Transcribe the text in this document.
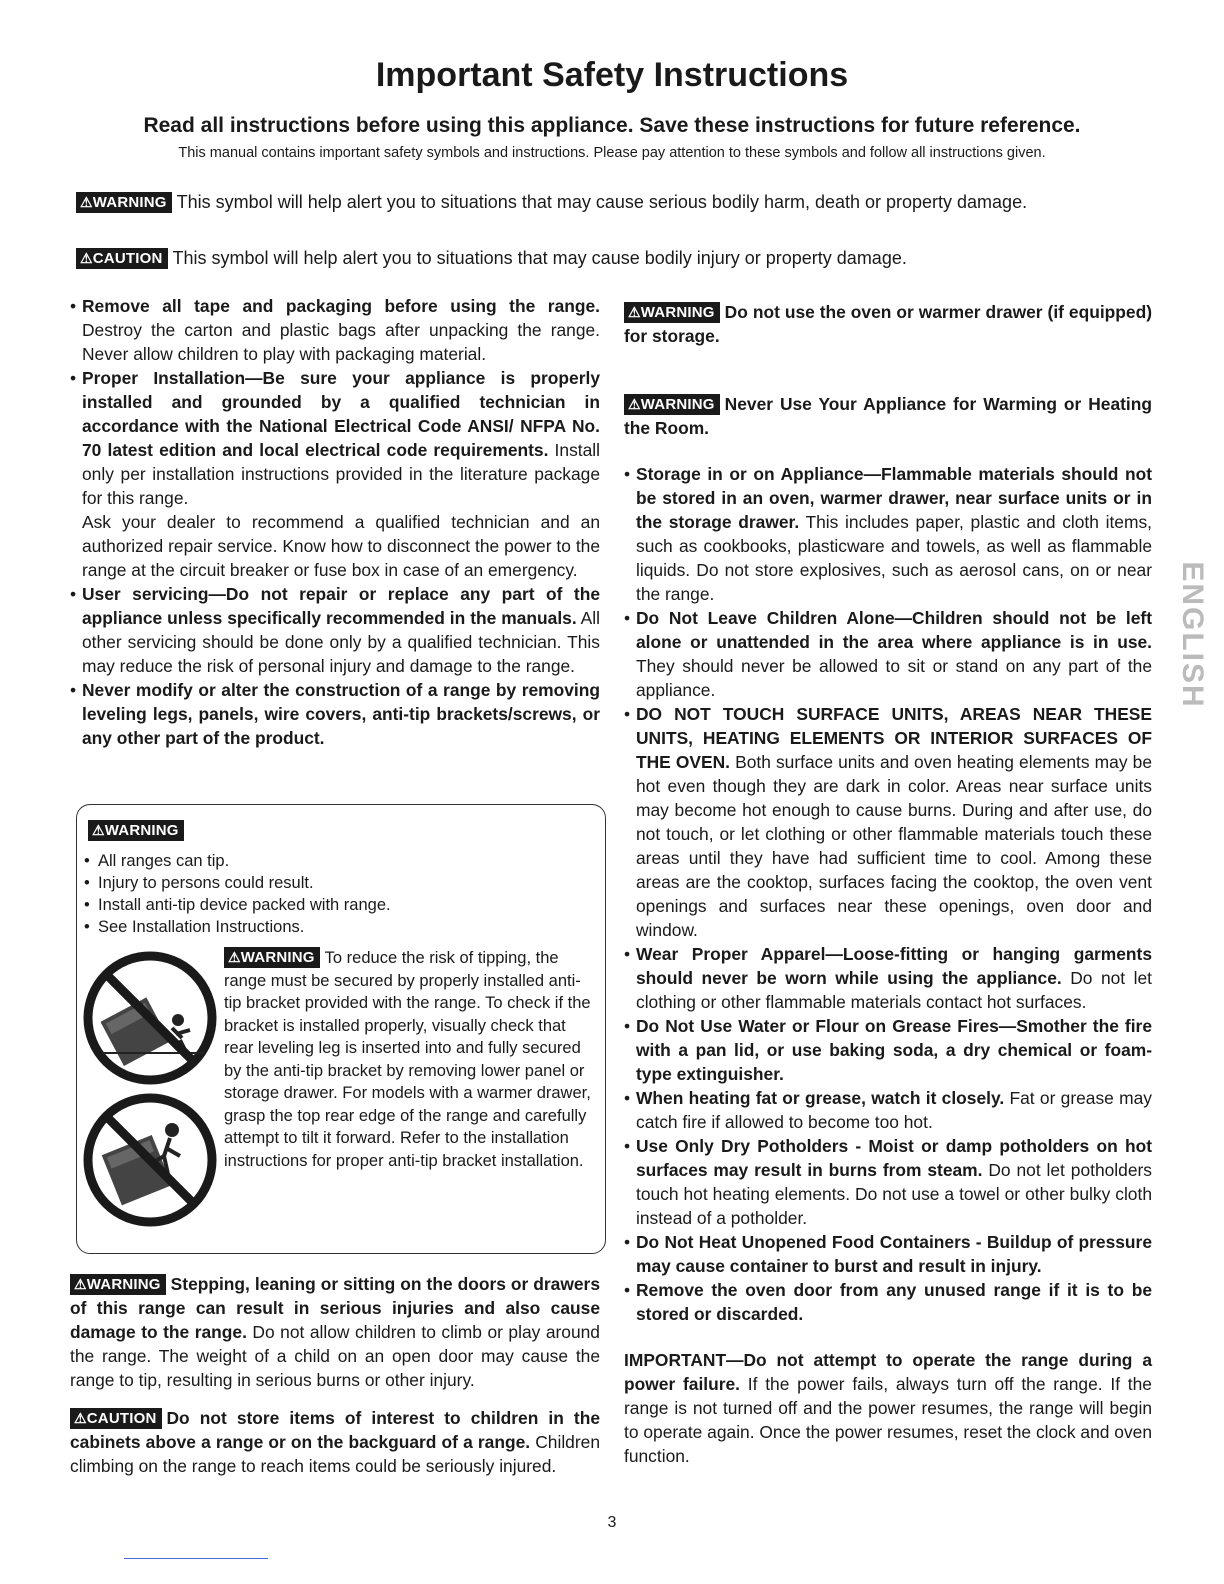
Important Safety Instructions
Read all instructions before using this appliance. Save these instructions for future reference.
This manual contains important safety symbols and instructions. Please pay attention to these symbols and follow all instructions given.
⚠WARNING This symbol will help alert you to situations that may cause serious bodily harm, death or property damage.
⚠CAUTION This symbol will help alert you to situations that may cause bodily injury or property damage.

• Remove all tape and packaging before using the range. Destroy the carton and plastic bags after unpacking the range. Never allow children to play with packaging material.

• Proper Installation—Be sure your appliance is properly installed and grounded by a qualified technician in accordance with the National Electrical Code ANSI/ NFPA No. 70 latest edition and local electrical code requirements. Install only per installation instructions provided in the literature package for this range.

Ask your dealer to recommend a qualified technician and an authorized repair service. Know how to disconnect the power to the range at the circuit breaker or fuse box in case of an emergency.

• User servicing—Do not repair or replace any part of the appliance unless specifically recommended in the manuals. All other servicing should be done only by a qualified technician. This may reduce the risk of personal injury and damage to the range.

• Never modify or alter the construction of a range by removing leveling legs, panels, wire covers, anti-tip brackets/screws, or any other part of the product.

⚠WARNING
• All ranges can tip.
• Injury to persons could result.
• Install anti-tip device packed with range.
• See Installation Instructions.
⚠WARNING To reduce the risk of tipping, the range must be secured by properly installed anti-tip bracket provided with the range. To check if the bracket is installed properly, visually check that rear leveling leg is inserted into and fully secured by the anti-tip bracket by removing lower panel or storage drawer. For models with a warmer drawer, grasp the top rear edge of the range and carefully attempt to tilt it forward. Refer to the installation instructions for proper anti-tip bracket installation.

⚠WARNING Stepping, leaning or sitting on the doors or drawers of this range can result in serious injuries and also cause damage to the range. Do not allow children to climb or play around the range. The weight of a child on an open door may cause the range to tip, resulting in serious burns or other injury.

⚠CAUTION Do not store items of interest to children in the cabinets above a range or on the backguard of a range. Children climbing on the range to reach items could be seriously injured.

⚠WARNING Do not use the oven or warmer drawer (if equipped) for storage.

⚠WARNING Never Use Your Appliance for Warming or Heating the Room.

• Storage in or on Appliance—Flammable materials should not be stored in an oven, warmer drawer, near surface units or in the storage drawer. This includes paper, plastic and cloth items, such as cookbooks, plasticware and towels, as well as flammable liquids. Do not store explosives, such as aerosol cans, on or near the range.

• Do Not Leave Children Alone—Children should not be left alone or unattended in the area where appliance is in use. They should never be allowed to sit or stand on any part of the appliance.

• DO NOT TOUCH SURFACE UNITS, AREAS NEAR THESE UNITS, HEATING ELEMENTS OR INTERIOR SURFACES OF THE OVEN. Both surface units and oven heating elements may be hot even though they are dark in color. Areas near surface units may become hot enough to cause burns. During and after use, do not touch, or let clothing or other flammable materials touch these areas until they have had sufficient time to cool. Among these areas are the cooktop, surfaces facing the cooktop, the oven vent openings and surfaces near these openings, oven door and window.

• Wear Proper Apparel—Loose-fitting or hanging garments should never be worn while using the appliance. Do not let clothing or other flammable materials contact hot surfaces.

• Do Not Use Water or Flour on Grease Fires—Smother the fire with a pan lid, or use baking soda, a dry chemical or foam-type extinguisher.

• When heating fat or grease, watch it closely. Fat or grease may catch fire if allowed to become too hot.

• Use Only Dry Potholders - Moist or damp potholders on hot surfaces may result in burns from steam. Do not let potholders touch hot heating elements. Do not use a towel or other bulky cloth instead of a potholder.

• Do Not Heat Unopened Food Containers - Buildup of pressure may cause container to burst and result in injury.

• Remove the oven door from any unused range if it is to be stored or discarded.

IMPORTANT—Do not attempt to operate the range during a power failure. If the power fails, always turn off the range. If the range is not turned off and the power resumes, the range will begin to operate again. Once the power resumes, reset the clock and oven function.

ENGLISH
3
